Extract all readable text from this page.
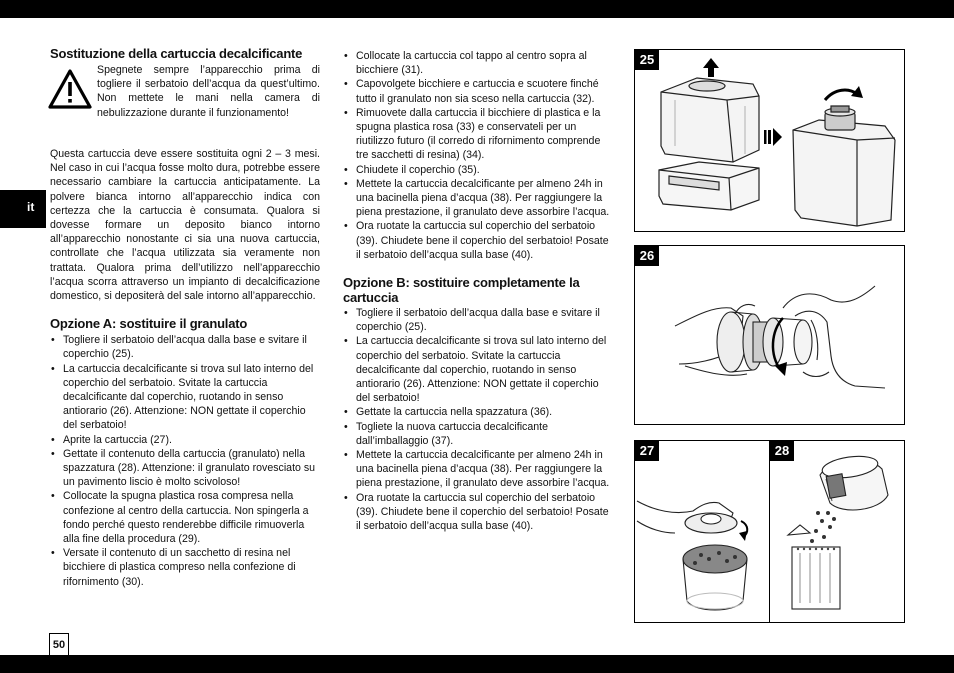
it
50
Sostituzione della cartuccia decalcificante

Spegnete sempre l’apparecchio prima di togliere il serbatoio dell’acqua da quest’ultimo. Non mettete le mani nella camera di nebulizzazione durante il funzionamento!

Questa cartuccia deve essere sostituita ogni 2 – 3 mesi. Nel caso in cui l’acqua fosse molto dura, potrebbe essere necessario cambiare la cartuccia anticipatamente. La polvere bianca intorno all’apparecchio indica con certezza che la cartuccia è consumata. Qualora si dovesse formare un deposito bianco intorno all’apparecchio nonostante ci sia una nuova cartuccia, controllate che l’acqua utilizzata sia veramente non trattata. Qualora prima dell’utilizzo nell’apparecchio l’acqua scorra attraverso un impianto di decalcificazione domestico, si depositerà del sale intorno all’apparecchio.

Opzione A: sostituire il granulato
• Togliere il serbatoio dell’acqua dalla base e svitare il coperchio (25).
• La cartuccia decalcificante si trova sul lato interno del coperchio del serbatoio. Svitate la cartuccia decalcificante dal coperchio, ruotando in senso antiorario (26). Attenzione: NON gettate il coperchio del serbatoio!
• Aprite la cartuccia (27).
• Gettate il contenuto della cartuccia (granulato) nella spazzatura (28). Attenzione: il granulato rovesciato su un pavimento liscio è molto scivoloso!
• Collocate la spugna plastica rosa compresa nella confezione al centro della cartuccia. Non spingerla a fondo perché questo renderebbe difficile rimuoverla alla fine della procedura (29).
• Versate il contenuto di un sacchetto di resina nel bicchiere di plastica compreso nella confezione di rifornimento (30).
• Collocate la cartuccia col tappo al centro sopra al bicchiere (31).
• Capovolgete bicchiere e cartuccia e scuotere finché tutto il granulato non sia sceso nella cartuccia (32).
• Rimuovete dalla cartuccia il bicchiere di plastica e la spugna plastica rosa (33) e conservateli per un riutilizzo futuro (il corredo di rifornimento comprende tre sacchetti di resina) (34).
• Chiudete il coperchio (35).
• Mettete la cartuccia decalcificante per almeno 24h in una bacinella piena d’acqua (38). Per raggiungere la piena prestazione, il granulato deve assorbire l’acqua.
• Ora ruotate la cartuccia sul coperchio del serbatoio (39). Chiudete bene il coperchio del serbatoio! Posate il serbatoio dell’acqua sulla base (40).
Opzione B: sostituire completamente la cartuccia
• Togliere il serbatoio dell’acqua dalla base e svitare il coperchio (25).
• La cartuccia decalcificante si trova sul lato interno del coperchio del serbatoio. Svitate la cartuccia decalcificante dal coperchio, ruotando in senso antiorario (26). Attenzione: NON gettate il coperchio del serbatoio!
• Gettate la cartuccia nella spazzatura (36).
• Togliete la nuova cartuccia decalcificante dall’imballaggio (37).
• Mettete la cartuccia decalcificante per almeno 24h in una bacinella piena d’acqua (38). Per raggiungere la piena prestazione, il granulato deve assorbire l’acqua.
• Ora ruotate la cartuccia sul coperchio del serbatoio (39). Chiudete bene il coperchio del serbatoio! Posate il serbatoio dell’acqua sulla base (40).
25
26
27	28
